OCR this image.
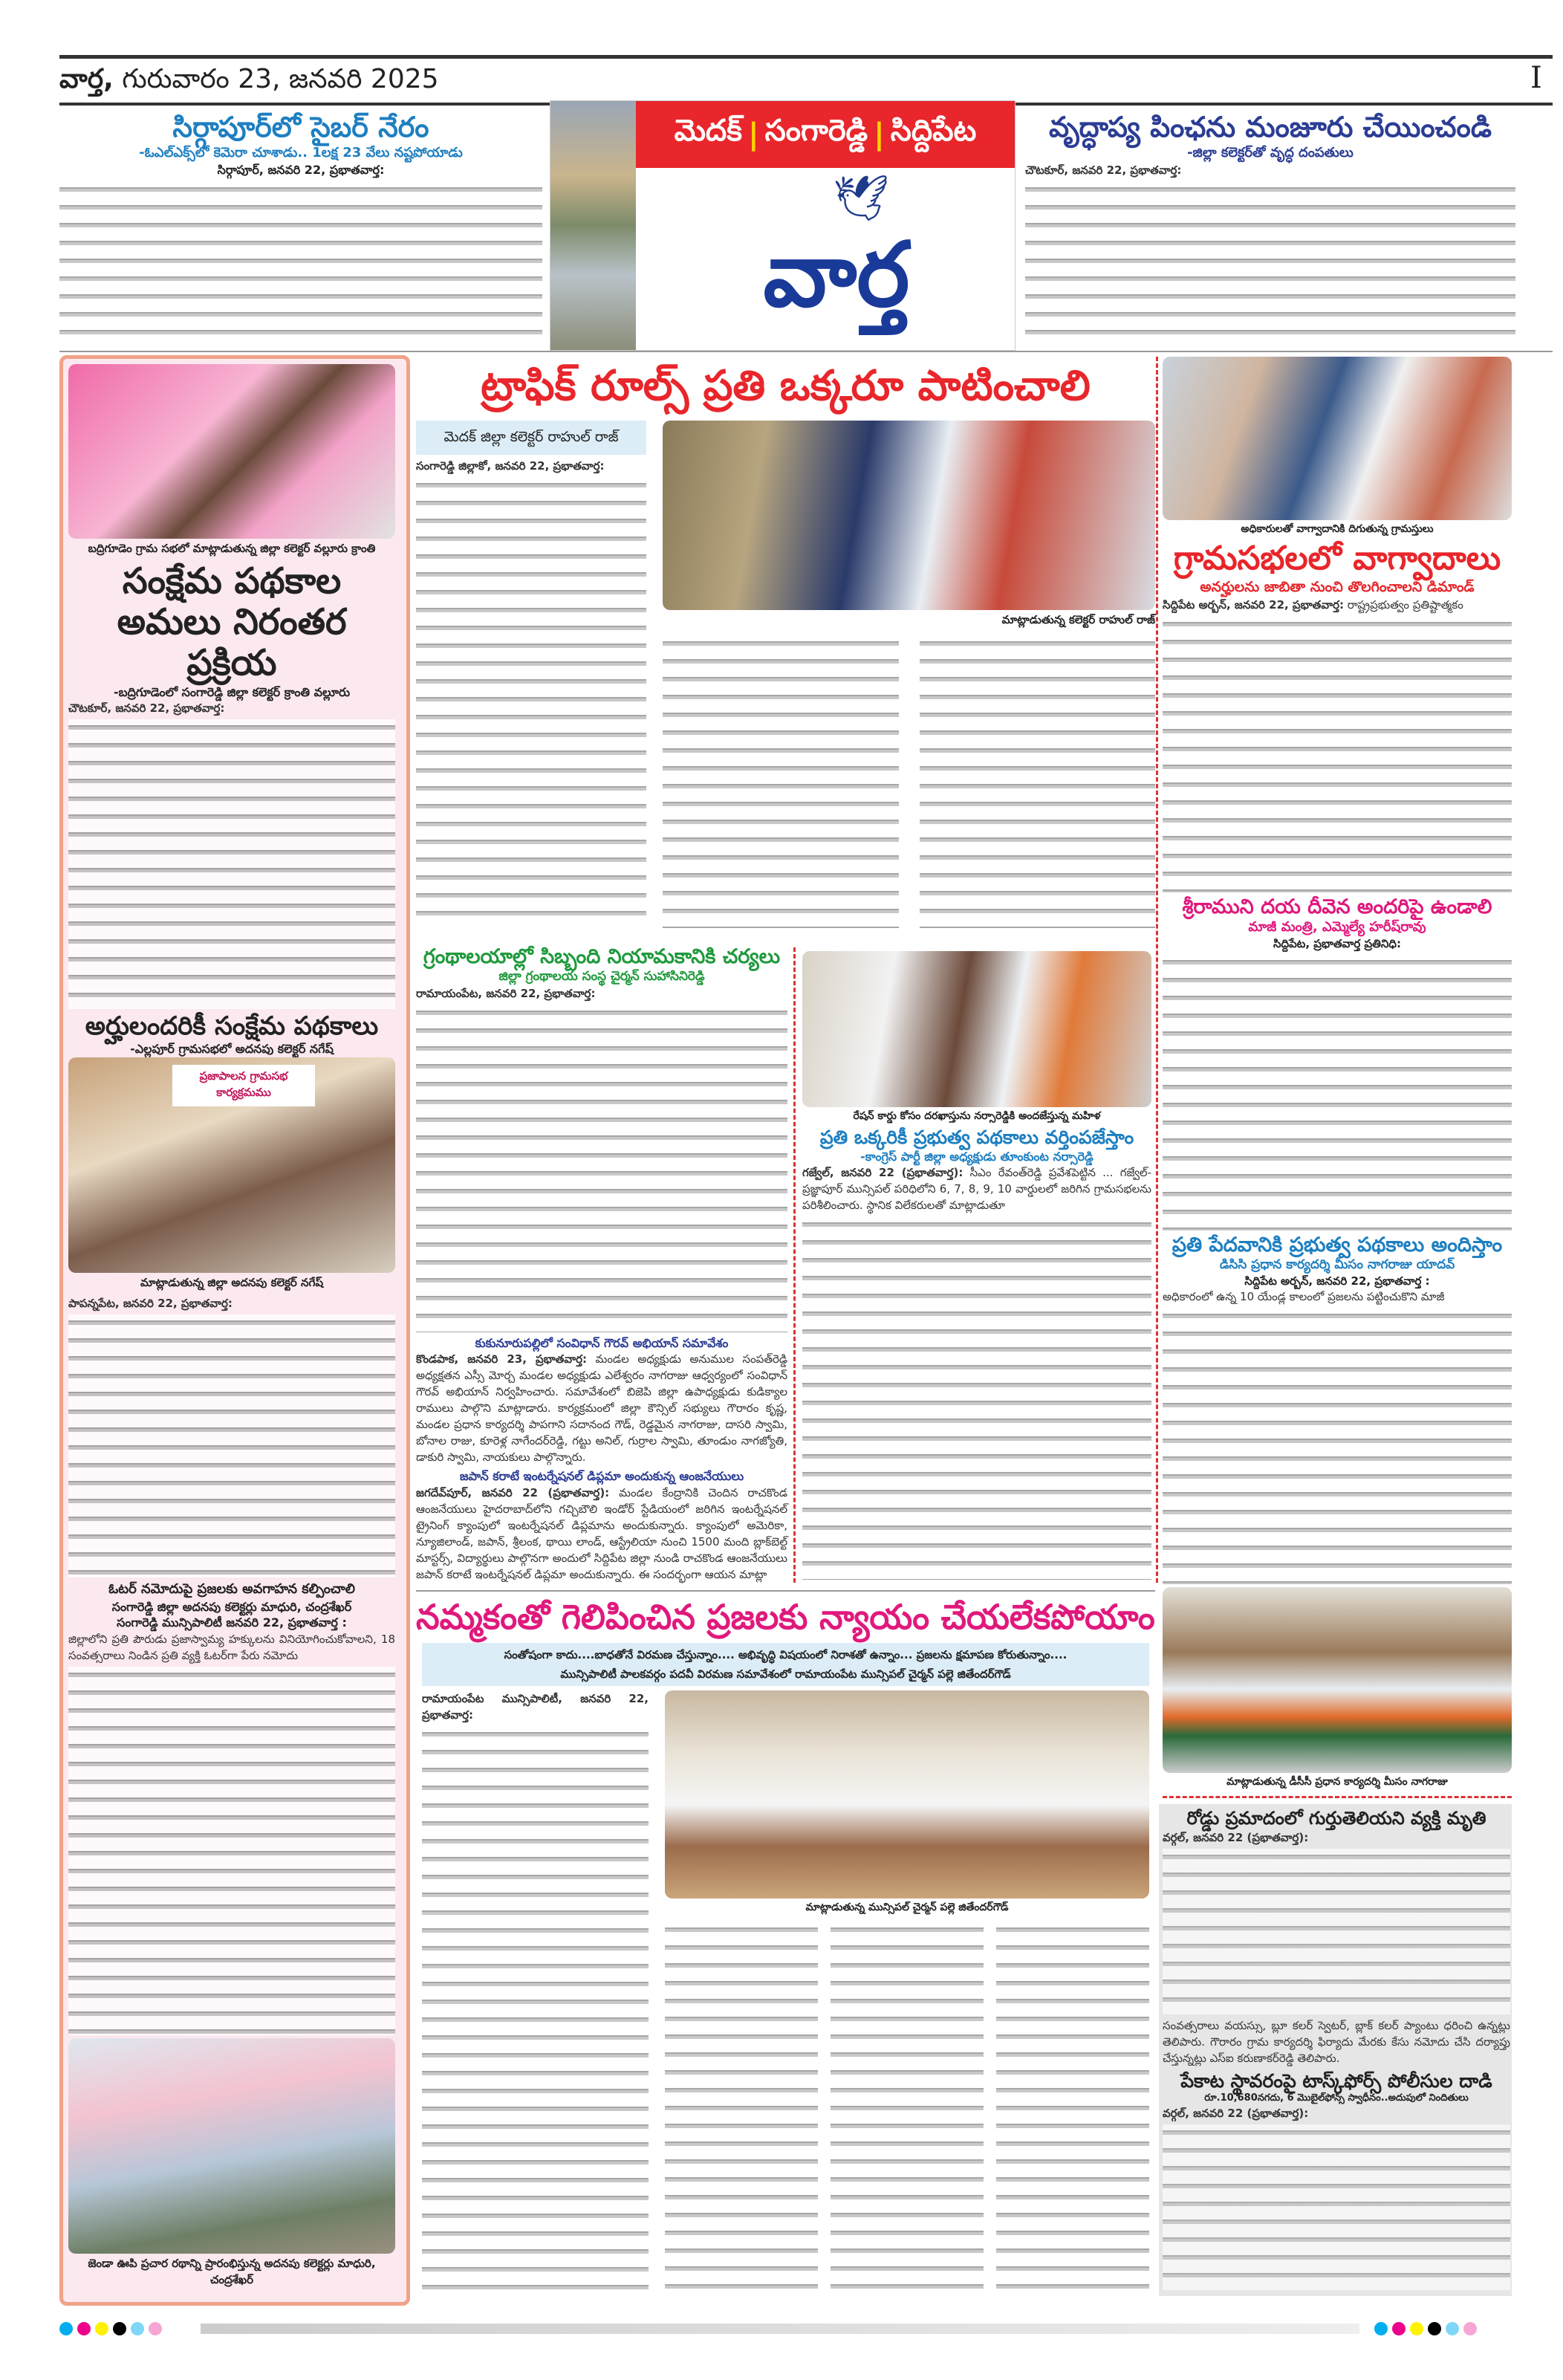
వార్త, గురువారం 23, జనవరి 2025	I
సిర్గాపూర్‌లో సైబర్ నేరం
-ఓఎల్‌ఎక్స్‌లో కెమెరా చూశాడు.. 1లక్ష 23 వేలు నష్టపోయాడు
సిర్గాపూర్, జనవరి 22, ప్రభాతవార్త:
మెదక్ | సంగారెడ్డి | సిద్దిపేట
🕊
వార్త
వృద్ధాప్య పింఛను మంజూరు చేయించండి
-జిల్లా కలెక్టర్‌తో వృద్ధ దంపతులు
చౌటకూర్, జనవరి 22, ప్రభాతవార్త:
బద్రిగూడెం గ్రామ సభలో మాట్లాడుతున్న జిల్లా కలెక్టర్ వల్లూరు క్రాంతి
సంక్షేమ పథకాల అమలు నిరంతర ప్రక్రియ
-బద్రిగూడెంలో సంగారెడ్డి జిల్లా కలెక్టర్ క్రాంతి వల్లూరు
చౌటకూర్, జనవరి 22, ప్రభాతవార్త:
అర్హులందరికీ సంక్షేమ పథకాలు
-ఎల్లపూర్ గ్రామసభలో అదనపు కలెక్టర్ నగేష్
ప్రజాపాలన గ్రామసభ కార్యక్రమము
మాట్లాడుతున్న జిల్లా అదనపు కలెక్టర్ నగేష్
పాపన్నపేట, జనవరి 22, ప్రభాతవార్త:
ఓటర్ నమోదుపై ప్రజలకు అవగాహన కల్పించాలి
సంగారెడ్డి జిల్లా అదనపు కలెక్టర్లు మాధురి, చంద్రశేఖర్
సంగారెడ్డి మున్సిపాలిటీ జనవరి 22, ప్రభాతవార్త :
జిల్లాలోని ప్రతి పౌరుడు ప్రజాస్వామ్య హక్కులను వినియోగించుకోవాలని, 18 సంవత్సరాలు నిండిన ప్రతి వ్యక్తి ఓటర్‌గా పేరు నమోదు
జెండా ఊపి ప్రచార రథాన్ని ప్రారంభిస్తున్న అదనపు కలెక్టర్లు మాధురి, చంద్రశేఖర్
ట్రాఫిక్ రూల్స్ ప్రతి ఒక్కరూ పాటించాలి
మెదక్ జిల్లా కలెక్టర్ రాహుల్ రాజ్
సంగారెడ్డి జిల్లాకో, జనవరి 22, ప్రభాతవార్త:
మాట్లాడుతున్న కలెక్టర్ రాహుల్ రాజ్
అధికారులతో వాగ్వాదానికి దిగుతున్న గ్రామస్తులు
గ్రామసభలలో వాగ్వాదాలు
అనర్హులను జాబితా నుంచి తొలగించాలని డిమాండ్
సిద్దిపేట అర్బన్, జనవరి 22, ప్రభాతవార్త: రాష్ట్రప్రభుత్వం ప్రతిష్టాత్మకం
శ్రీరాముని దయ దీవెన అందరిపై ఉండాలి
మాజీ మంత్రి, ఎమ్మెల్యే హరీష్‌రావు
సిద్దిపేట, ప్రభాతవార్త ప్రతినిధి:
ప్రతి పేదవానికి ప్రభుత్వ పథకాలు అందిస్తాం
డిసిసి ప్రధాన కార్యదర్శి మీసం నాగరాజు యాదవ్
సిద్దిపేట అర్బన్, జనవరి 22, ప్రభాతవార్త :
అధికారంలో ఉన్న 10 యేండ్ల కాలంలో ప్రజలను పట్టించుకొని మాజీ
మాట్లాడుతున్న డీసీసీ ప్రధాన కార్యదర్శి మీసం నాగరాజు
రోడ్డు ప్రమాదంలో గుర్తుతెలియని వ్యక్తి మృతి
వర్గల్, జనవరి 22 (ప్రభాతవార్త):
సంవత్సరాలు వయస్సు, బ్లూ కలర్ స్వెటర్, బ్లాక్ కలర్ ప్యాంటు ధరించి ఉన్నట్లు తెలిపారు. గౌరారం గ్రామ కార్యదర్శి ఫిర్యాదు మేరకు కేసు నమోదు చేసి దర్యాప్తు చేస్తున్నట్లు ఎస్‌ఐ కరుణాకర్‌రెడ్డి తెలిపారు.
పేకాట స్థావరంపై టాస్క్‌ఫోర్స్ పోలీసుల దాడి
రూ.10,680నగదు, 6 మొబైల్‌ఫోన్స్ స్వాధీనం..అదుపులో నిందితులు
వర్గల్, జనవరి 22 (ప్రభాతవార్త):
గ్రంథాలయాల్లో సిబ్బంది నియామకానికి చర్యలు
జిల్లా గ్రంథాలయ సంస్థ చైర్మన్ సుహాసినిరెడ్డి
రామాయంపేట, జనవరి 22, ప్రభాతవార్త:
కుకునూరుపల్లిలో సంవిధాన్ గౌరవ్ అభియాన్ సమావేశం
కొండపాక, జనవరి 23, ప్రభాతవార్త: మండల అధ్యక్షుడు అనుముల సంపత్‌రెడ్డి అధ్యక్షతన ఎస్సీ మోర్చ మండల అధ్యక్షుడు ఎలేశ్వరం నాగరాజు ఆధ్వర్యంలో సంవిధాన్ గౌరవ్ అభియాన్ నిర్వహించారు. సమావేశంలో బిజెపి జిల్లా ఉపాధ్యక్షుడు కుడిక్యాల రాములు పాల్గొని మాట్లాడారు. కార్యక్రమంలో జిల్లా కౌన్సిల్ సభ్యులు గౌరారం కృష్ణ, మండల ప్రధాన కార్యదర్శి పాపగాని సదానంద గౌడ్, రెడ్డమైన నాగరాజు, దాసరి స్వామి, బోనాల రాజు, కూరెళ్ల నాగేందర్‌రెడ్డి, గట్టు అనిల్, గుర్రాల స్వామి, తూండుం నాగజ్యోతి, డాకురి స్వామి, నాయకులు పాల్గొన్నారు.
జపాన్ కరాటే ఇంటర్నేషనల్ డిప్లమా అందుకున్న ఆంజనేయులు
జగదేవ్‌పూర్, జనవరి 22 (ప్రభాతవార్త): మండల కేంద్రానికి చెందిన రాచకొండ ఆంజనేయులు హైదరాబాద్‌లోని గచ్చిబౌలి ఇండోర్ స్టేడియంలో జరిగిన ఇంటర్నేషనల్ ట్రైనింగ్ క్యాంపులో ఇంటర్నేషనల్ డిప్లమాను అందుకున్నారు. క్యాంపులో అమెరికా, న్యూజిలాండ్, జపాన్, శ్రీలంక, థాయి లాండ్, ఆస్ట్రేలియా నుంచి 1500 మంది బ్లాక్‌బెల్ట్ మాస్టర్స్, విద్యార్థులు పాల్గొనగా అందులో సిద్దిపేట జిల్లా నుండి రాచకొండ ఆంజనేయులు జపాన్ కరాటే ఇంటర్నేషనల్ డిప్లమా అందుకున్నారు. ఈ సందర్భంగా ఆయన మాట్లా
రేషన్ కార్డు కోసం దరఖాస్తును నర్సారెడ్డికి అందజేస్తున్న మహిళ
ప్రతి ఒక్కరికీ ప్రభుత్వ పథకాలు వర్తింపజేస్తాం
-కాంగ్రెస్ పార్టీ జిల్లా అధ్యక్షుడు తూంకుంట నర్సారెడ్డి
గజ్వేల్, జనవరి 22 (ప్రభాతవార్త): సీఎం రేవంత్‌రెడ్డి ప్రవేశపెట్టిన ... గజ్వేల్-ప్రజ్ఞాపూర్ మున్సిపల్ పరిధిలోని 6, 7, 8, 9, 10 వార్డులలో జరిగిన గ్రామసభలను పరిశీలించారు. స్థానిక విలేకరులతో మాట్లాడుతూ
నమ్మకంతో గెలిపించిన ప్రజలకు న్యాయం చేయలేకపోయాం
సంతోషంగా కాదు....బాధతోనే విరమణ చేస్తున్నాం.... అభివృద్ధి విషయంలో నిరాశతో ఉన్నాం... ప్రజలను క్షమాపణ కోరుతున్నాం....
మున్సిపాలిటీ పాలకవర్గం పదవీ విరమణ సమావేశంలో రామాయంపేట మున్సిపల్ చైర్మన్ పల్లె జితేందర్‌గౌడ్
రామాయంపేట మున్సిపాలిటీ, జనవరి 22, ప్రభాతవార్త:
మాట్లాడుతున్న మున్సిపల్ చైర్మన్ పల్లె జితేందర్‌గౌడ్
